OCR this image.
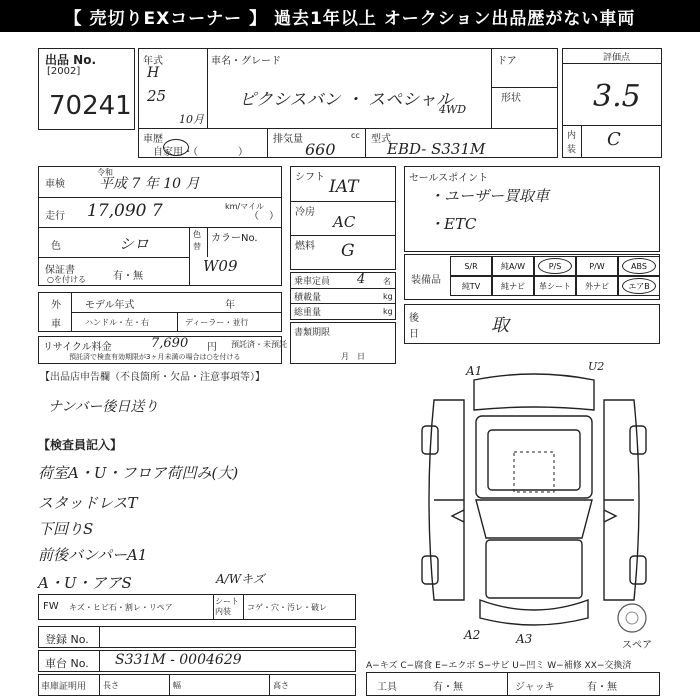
【 売切りEXコーナー 】 過去1年以上 オークション出品歴がない車両
出品 No.
[2002]
70241
年式
H
25
10月
車名・グレード
ピクシスバン ・ スペシャル
4WD
ドア
形状
評価点
3.5
内
装 C
車歴
自家用・（　　　　）
排気量
660
cc 型式
EBD- S331M
車検 平成 7 年 10 月
令和
走行 17,090 7	km/マイル
（　）
色	シロ
色替
カラーNo.
W09
保証書
○を付ける	有・無
外
車
モデル年式	年
ハンドル・左・右	ディーラー・並行
リサイクル料金	7,690 円 預託済・未預託
預託済で検査有効期限が3ヶ月未満の場合は○を付ける
シフト IAT
冷房
AC
燃料 G
乗車定員 4 名
積載量	kg
総重量	kg
書類期限
月　日
セールスポイント
・ユーザー買取車
・ETC
装備品
S/R	純A/W	P/S	P/W	ABS
純TV	純ナビ	革シート	外ナビ	エアB
後
日	取
【出品店申告欄（不良箇所・欠品・注意事項等）】
ナンバー後日送り
【検査員記入】
荷室A・U・フロア荷凹み(大)
スタッドレスT
下回りS
前後バンパーA1
A・U・アアS	A/Wキズ
FW キズ・ヒビ石・割レ・リペア
シート内装	コゲ・穴・汚レ・破レ
登録 No.
車台 No. S331M - 0004629
車庫証明用 長さ	幅	高さ
A−キズ C−腐食 E−エクボ S−サビ U−凹ミ W−補修 XX−交換済
工具	有・無	ジャッキ	有・無
A1	U2
A2	A3	スペア
